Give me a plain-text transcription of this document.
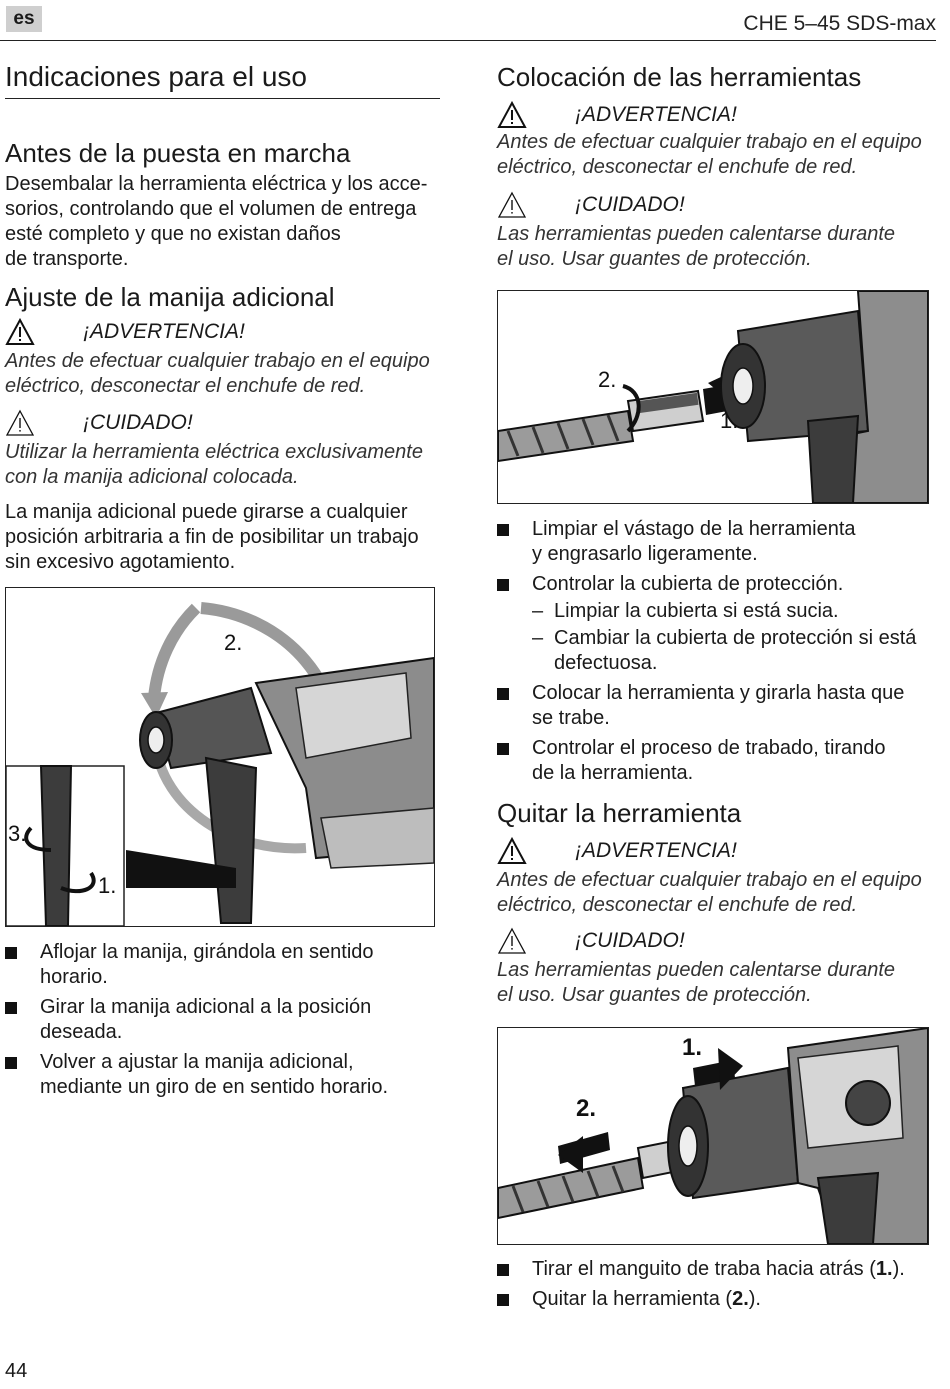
es	CHE 5–45 SDS-max
Indicaciones para el uso
Antes de la puesta en marcha

Desembalar la herramienta eléctrica y los acce-
sorios, controlando que el volumen de entrega
esté completo y que no existan daños
de transporte.

Ajuste de la manija adicional
¡ADVERTENCIA!

Antes de efectuar cualquier trabajo en el equipo
eléctrico, desconectar el enchufe de red.

¡CUIDADO!

Utilizar la herramienta eléctrica exclusivamente
con la manija adicional colocada.

La manija adicional puede girarse a cualquier
posición arbitraria a fin de posibilitar un trabajo
sin excesivo agotamiento.

2.
3.
1.
Aflojar la manija, girándola en sentido
horario.
Girar la manija adicional a la posición
deseada.
Volver a ajustar la manija adicional,
mediante un giro de en sentido horario.
Colocación de las herramientas
¡ADVERTENCIA!

Antes de efectuar cualquier trabajo en el equipo
eléctrico, desconectar el enchufe de red.

¡CUIDADO!

Las herramientas pueden calentarse durante
el uso. Usar guantes de protección.

2.
1.
Limpiar el vástago de la herramienta
y engrasarlo ligeramente.
Controlar la cubierta de protección.
– Limpiar la cubierta si está sucia.
– Cambiar la cubierta de protección si está
defectuosa.
Colocar la herramienta y girarla hasta que
se trabe.
Controlar el proceso de trabado, tirando
de la herramienta.
Quitar la herramienta
¡ADVERTENCIA!

Antes de efectuar cualquier trabajo en el equipo
eléctrico, desconectar el enchufe de red.

¡CUIDADO!

Las herramientas pueden calentarse durante
el uso. Usar guantes de protección.

1.
2.
Tirar el manguito de traba hacia atrás (1.).
Quitar la herramienta (2.).
44
